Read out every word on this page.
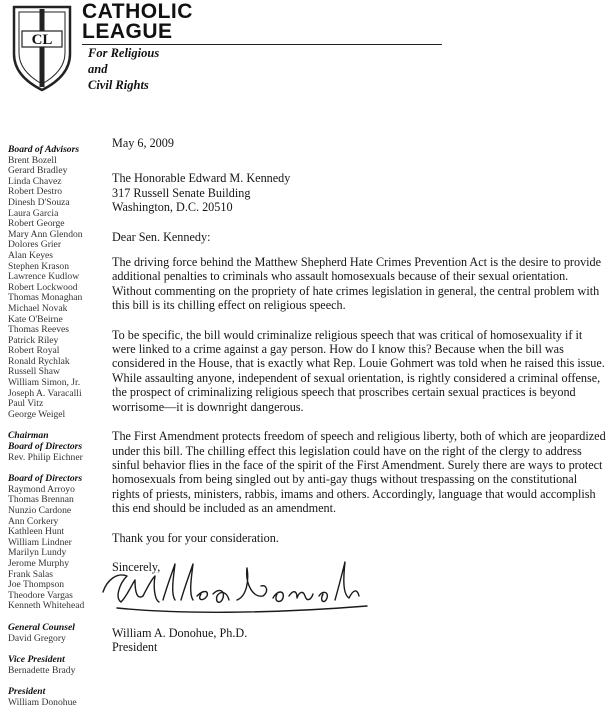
CL
CATHOLIC
LEAGUE
For Religious
and
Civil Rights
Board of Advisors
Brent Bozell
Gerard Bradley
Linda Chavez
Robert Destro
Dinesh D'Souza
Laura Garcia
Robert George
Mary Ann Glendon
Dolores Grier
Alan Keyes
Stephen Krason
Lawrence Kudlow
Robert Lockwood
Thomas Monaghan
Michael Novak
Kate O'Beirne
Thomas Reeves
Patrick Riley
Robert Royal
Ronald Rychlak
Russell Shaw
William Simon, Jr.
Joseph A. Varacalli
Paul Vitz
George Weigel
Chairman
Board of Directors
Rev. Philip Eichner
Board of Directors
Raymond Arroyo
Thomas Brennan
Nunzio Cardone
Ann Corkery
Kathleen Hunt
William Lindner
Marilyn Lundy
Jerome Murphy
Frank Salas
Joe Thompson
Theodore Vargas
Kenneth Whitehead
General Counsel
David Gregory
Vice President
Bernadette Brady
President
William Donohue
May 6, 2009
The Honorable Edward M. Kennedy
317 Russell Senate Building
Washington, D.C. 20510
Dear Sen. Kennedy:

The driving force behind the Matthew Shepherd Hate Crimes Prevention Act is the desire to provide additional penalties to criminals who assault homosexuals because of their sexual orientation. Without commenting on the propriety of hate crimes legislation in general, the central problem with this bill is its chilling effect on religious speech.

To be specific, the bill would criminalize religious speech that was critical of homosexuality if it were linked to a crime against a gay person. How do I know this? Because when the bill was considered in the House, that is exactly what Rep. Louie Gohmert was told when he raised this issue. While assaulting anyone, independent of sexual orientation, is rightly considered a criminal offense, the prospect of criminalizing religious speech that proscribes certain sexual practices is beyond worrisome—it is downright dangerous.

The First Amendment protects freedom of speech and religious liberty, both of which are jeopardized under this bill. The chilling effect this legislation could have on the right of the clergy to address sinful behavior flies in the face of the spirit of the First Amendment. Surely there are ways to protect homosexuals from being singled out by anti-gay thugs without trespassing on the constitutional rights of priests, ministers, rabbis, imams and others. Accordingly, language that would accomplish this end should be included as an amendment.

Thank you for your consideration.
Sincerely,
William A. Donohue, Ph.D.
President
